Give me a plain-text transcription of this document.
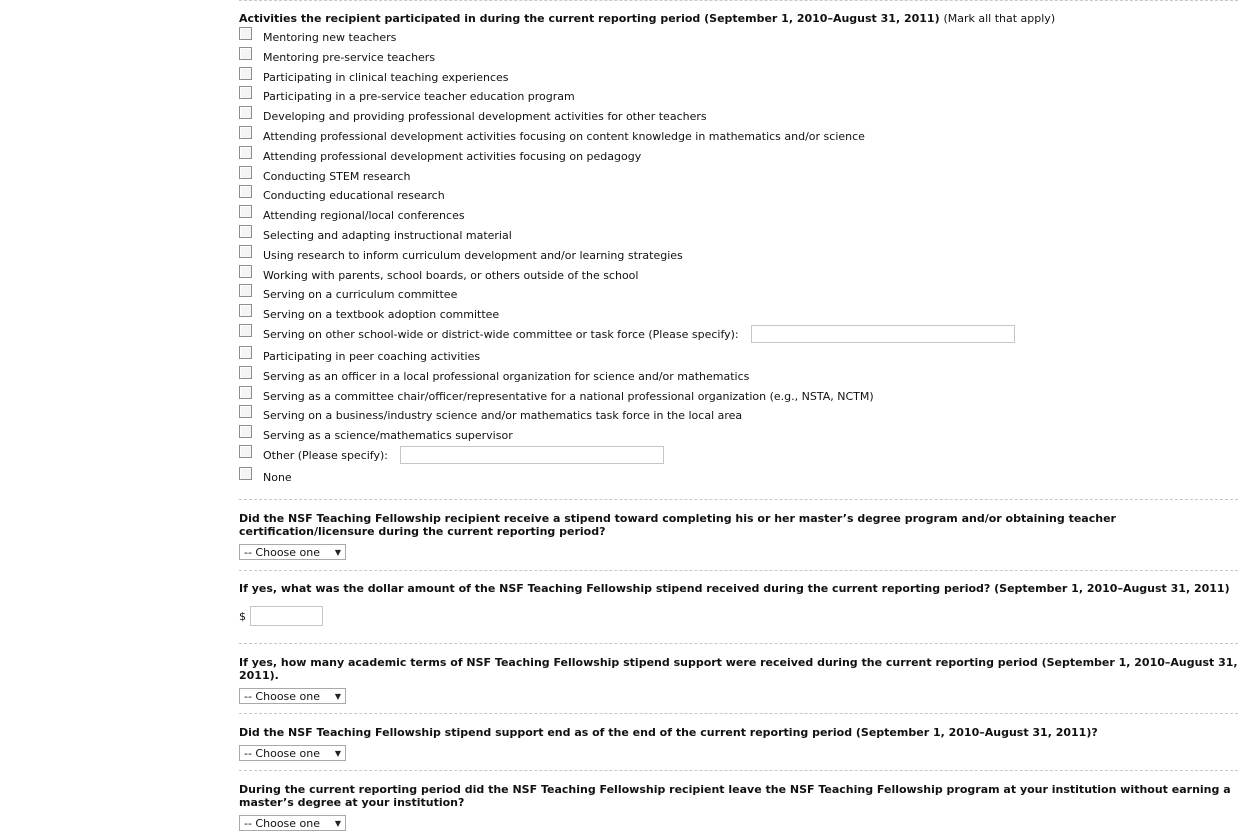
Activities the recipient participated in during the current reporting period (September 1, 2010–August 31, 2011) (Mark all that apply)
Mentoring new teachers
Mentoring pre-service teachers
Participating in clinical teaching experiences
Participating in a pre-service teacher education program
Developing and providing professional development activities for other teachers
Attending professional development activities focusing on content knowledge in mathematics and/or science
Attending professional development activities focusing on pedagogy
Conducting STEM research
Conducting educational research
Attending regional/local conferences
Selecting and adapting instructional material
Using research to inform curriculum development and/or learning strategies
Working with parents, school boards, or others outside of the school
Serving on a curriculum committee
Serving on a textbook adoption committee
Serving on other school-wide or district-wide committee or task force (Please specify):
Participating in peer coaching activities
Serving as an officer in a local professional organization for science and/or mathematics
Serving as a committee chair/officer/representative for a national professional organization (e.g., NSTA, NCTM)
Serving on a business/industry science and/or mathematics task force in the local area
Serving as a science/mathematics supervisor
Other (Please specify):
None
Did the NSF Teaching Fellowship recipient receive a stipend toward completing his or her master’s degree program and/or obtaining teacher certification/licensure during the current reporting period?
-- Choose one ▼
If yes, what was the dollar amount of the NSF Teaching Fellowship stipend received during the current reporting period? (September 1, 2010–August 31, 2011)
$
If yes, how many academic terms of NSF Teaching Fellowship stipend support were received during the current reporting period (September 1, 2010–August 31, 2011).
-- Choose one ▼
Did the NSF Teaching Fellowship stipend support end as of the end of the current reporting period (September 1, 2010–August 31, 2011)?
-- Choose one ▼
During the current reporting period did the NSF Teaching Fellowship recipient leave the NSF Teaching Fellowship program at your institution without earning a master’s degree at your institution?
-- Choose one ▼
